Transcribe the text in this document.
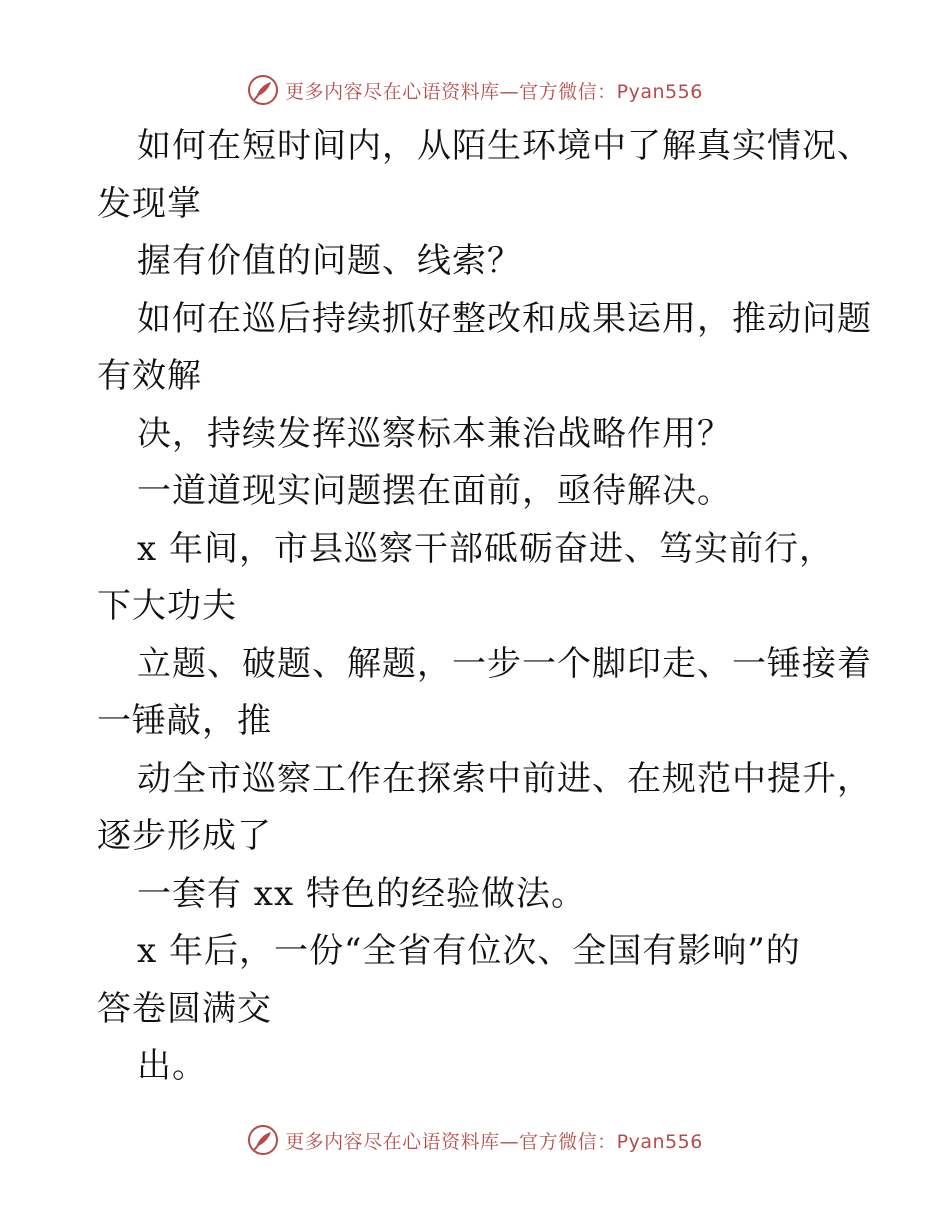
更多内容尽在心语资料库—官方微信：Pyan556
如何在短时间内，从陌生环境中了解真实情况、
发现掌
握有价值的问题、线索？
如何在巡后持续抓好整改和成果运用，推动问题
有效解
决，持续发挥巡察标本兼治战略作用？
一道道现实问题摆在面前，亟待解决。
x 年间，市县巡察干部砥砺奋进、笃实前行，
下大功夫
立题、破题、解题，一步一个脚印走、一锤接着
一锤敲，推
动全市巡察工作在探索中前进、在规范中提升，
逐步形成了
一套有 xx 特色的经验做法。
x 年后，一份“全省有位次、全国有影响”的
答卷圆满交
出。
更多内容尽在心语资料库—官方微信：Pyan556
